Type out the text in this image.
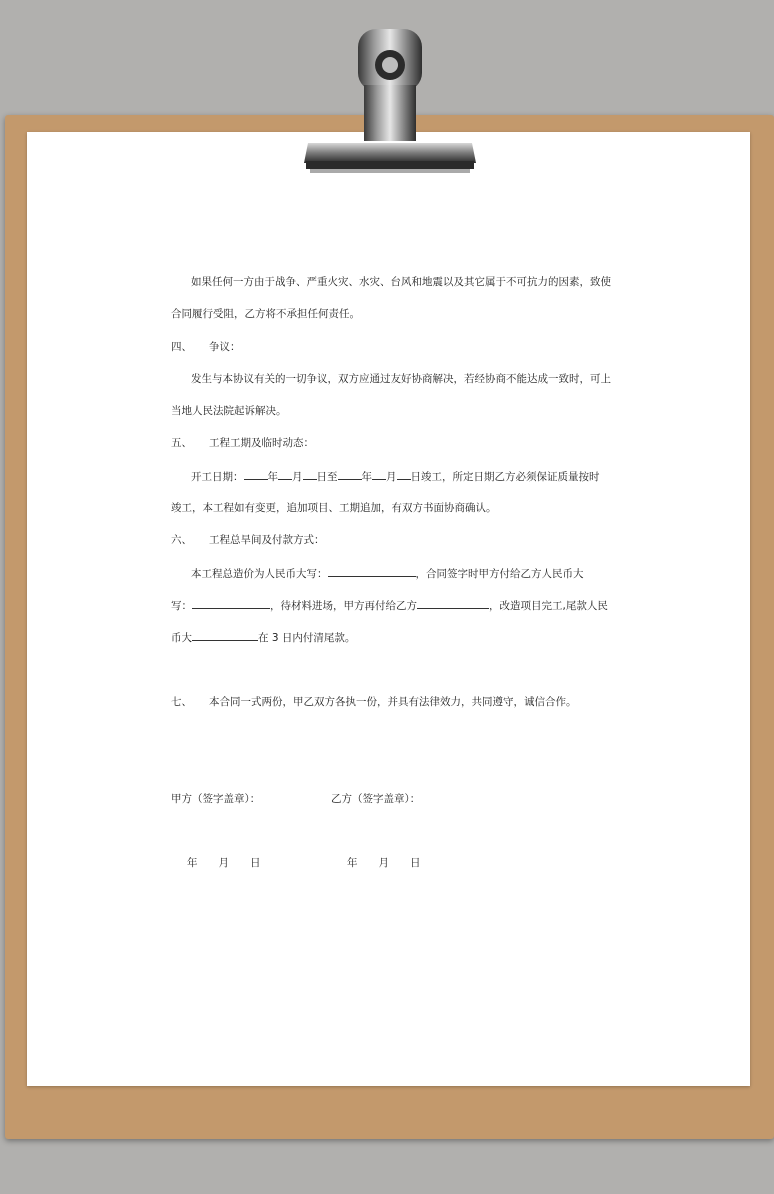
如果任何一方由于战争、严重火灾、水灾、台风和地震以及其它属于不可抗力的因素，致使
合同履行受阻，乙方将不承担任何责任。
四、 争议：
发生与本协议有关的一切争议，双方应通过友好协商解决，若经协商不能达成一致时，可上
当地人民法院起诉解决。
五、 工程工期及临时动态：
开工日期： 年 月 日至 年 月 日竣工，所定日期乙方必须保证质量按时
竣工，本工程如有变更，追加项目、工期追加，有双方书面协商确认。
六、 工程总旱间及付款方式：
本工程总造价为人民币大写：	，合同签字时甲方付给乙方人民币大
写：	，待材料进场，甲方再付给乙方	，改造项目完工,尾款人民
币大	在 3 日内付清尾款。
七、 本合同一式两份，甲乙双方各执一份，并具有法律效力，共同遵守，诚信合作。
甲方（签字盖章）：	乙方（签字盖章）：
年　　月　　日	年　　月　　日
